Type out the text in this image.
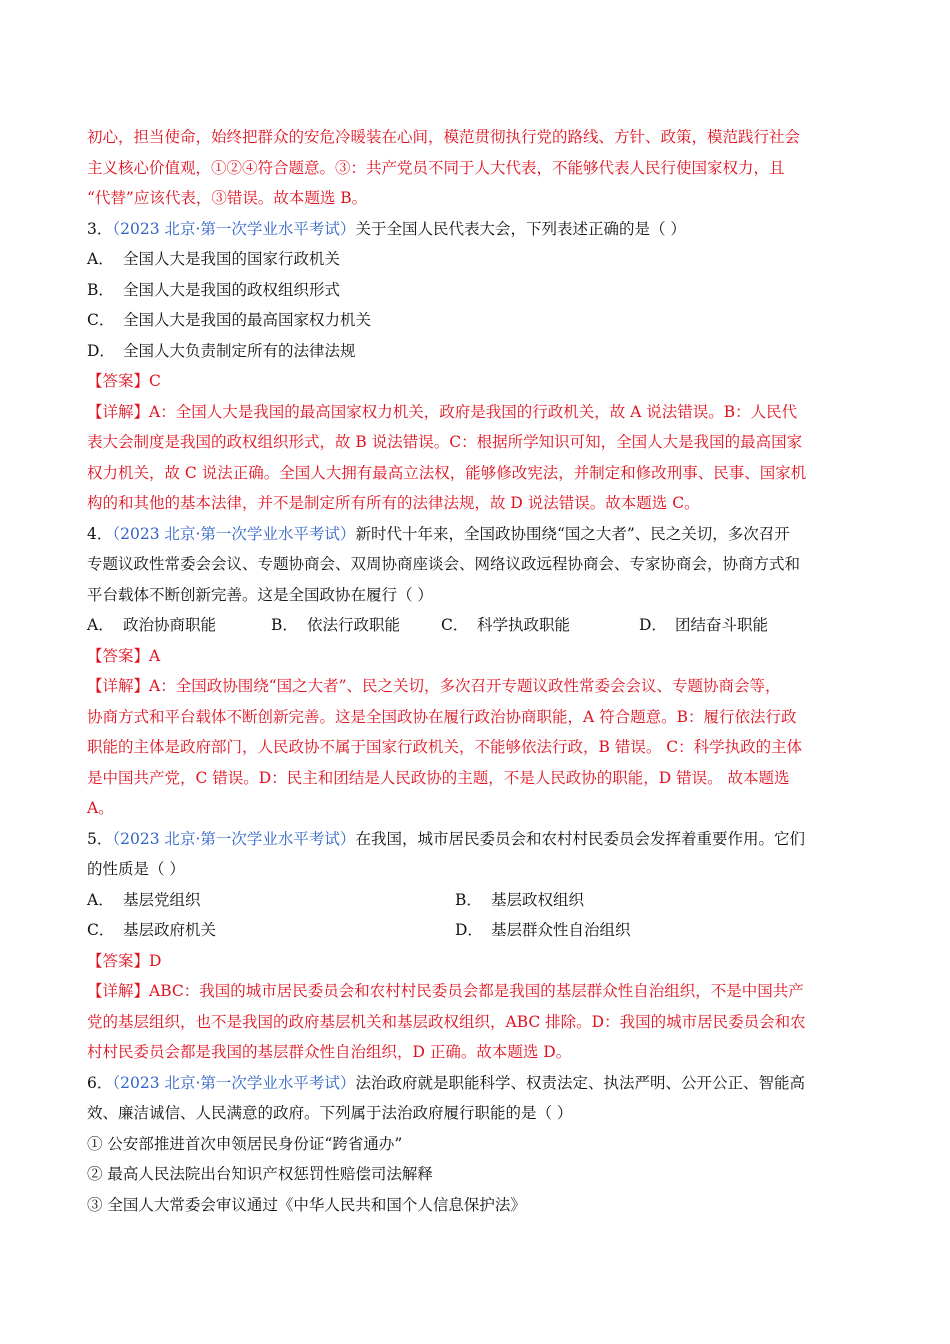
初心，担当使命，始终把群众的安危冷暖装在心间，模范贯彻执行党的路线、方针、政策，模范践行社会
主义核心价值观，①②④符合题意。③：共产党员不同于人大代表，不能够代表人民行使国家权力，且
“代替”应该代表，③错误。故本题选 B。
3．（2023 北京·第一次学业水平考试）关于全国人民代表大会，下列表述正确的是（ ）
A． 全国人大是我国的国家行政机关
B． 全国人大是我国的政权组织形式
C． 全国人大是我国的最高国家权力机关
D． 全国人大负责制定所有的法律法规
【答案】C
【详解】A：全国人大是我国的最高国家权力机关，政府是我国的行政机关，故 A 说法错误。B：人民代
表大会制度是我国的政权组织形式，故 B 说法错误。C：根据所学知识可知，全国人大是我国的最高国家
权力机关，故 C 说法正确。全国人大拥有最高立法权，能够修改宪法，并制定和修改刑事、民事、国家机
构的和其他的基本法律，并不是制定所有所有的法律法规，故 D 说法错误。故本题选 C。
4．（2023 北京·第一次学业水平考试）新时代十年来，全国政协围绕“国之大者”、民之关切，多次召开
专题议政性常委会会议、专题协商会、双周协商座谈会、网络议政远程协商会、专家协商会，协商方式和
平台载体不断创新完善。这是全国政协在履行（ ）
A． 政治协商职能	B． 依法行政职能	C． 科学执政职能	D． 团结奋斗职能
【答案】A
【详解】A：全国政协围绕“国之大者”、民之关切，多次召开专题议政性常委会会议、专题协商会等，
协商方式和平台载体不断创新完善。这是全国政协在履行政治协商职能，A 符合题意。B：履行依法行政
职能的主体是政府部门，人民政协不属于国家行政机关，不能够依法行政，B 错误。 C：科学执政的主体
是中国共产党，C 错误。D：民主和团结是人民政协的主题，不是人民政协的职能，D 错误。 故本题选
A。
5．（2023 北京·第一次学业水平考试）在我国，城市居民委员会和农村村民委员会发挥着重要作用。它们
的性质是（ ）
A． 基层党组织	B． 基层政权组织
C． 基层政府机关	D． 基层群众性自治组织
【答案】D
【详解】ABC：我国的城市居民委员会和农村村民委员会都是我国的基层群众性自治组织，不是中国共产
党的基层组织，也不是我国的政府基层机关和基层政权组织，ABC 排除。D：我国的城市居民委员会和农
村村民委员会都是我国的基层群众性自治组织，D 正确。故本题选 D。
6．（2023 北京·第一次学业水平考试）法治政府就是职能科学、权责法定、执法严明、公开公正、智能高
效、廉洁诚信、人民满意的政府。下列属于法治政府履行职能的是（ ）
① 公安部推进首次申领居民身份证“跨省通办”
② 最高人民法院出台知识产权惩罚性赔偿司法解释
③ 全国人大常委会审议通过《中华人民共和国个人信息保护法》
